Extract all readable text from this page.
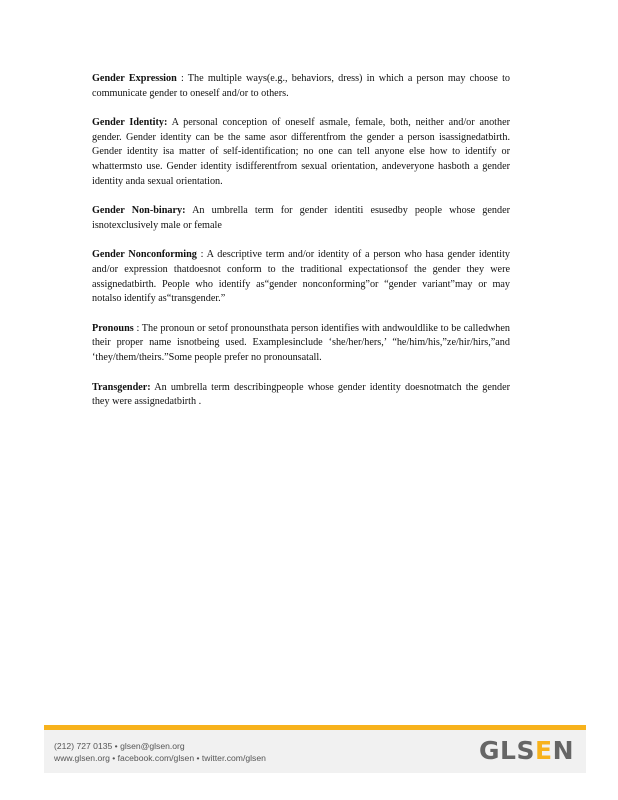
Gender Expression : The multiple ways(e.g., behaviors, dress) in which a person may choose to communicate gender to oneself and/or to others.

Gender Identity: A personal conception of oneself asmale, female, both, neither and/or another gender. Gender identity can be the same asor differentfrom the gender a person isassignedatbirth. Gender identity isa matter of self-identification; no one can tell anyone else how to identify or whattermsto use. Gender identity isdifferentfrom sexual orientation, andeveryone hasboth a gender identity anda sexual orientation.

Gender Non-binary: An umbrella term for gender identiti esusedby people whose gender isnotexclusively male or female

Gender Nonconforming : A descriptive term and/or identity of a person who hasa gender identity and/or expression thatdoesnot conform to the traditional expectationsof the gender they were assignedatbirth. People who identify as“gender nonconforming”or “gender variant”may or may notalso identify as“transgender.”

Pronouns : The pronoun or setof pronounsthata person identifies with andwouldlike to be calledwhen their proper name isnotbeing used. Examplesinclude ‘she/her/hers,’ “he/him/his,”ze/hir/hirs,”and ‘they/them/theirs.”Some people prefer no pronounsatall.

Transgender: An umbrella term describingpeople whose gender identity doesnotmatch the gender they were assignedatbirth .

(212) 727 0135 • glsen@glsen.org
www.glsen.org • facebook.com/glsen • twitter.com/glsen	GLSEN
